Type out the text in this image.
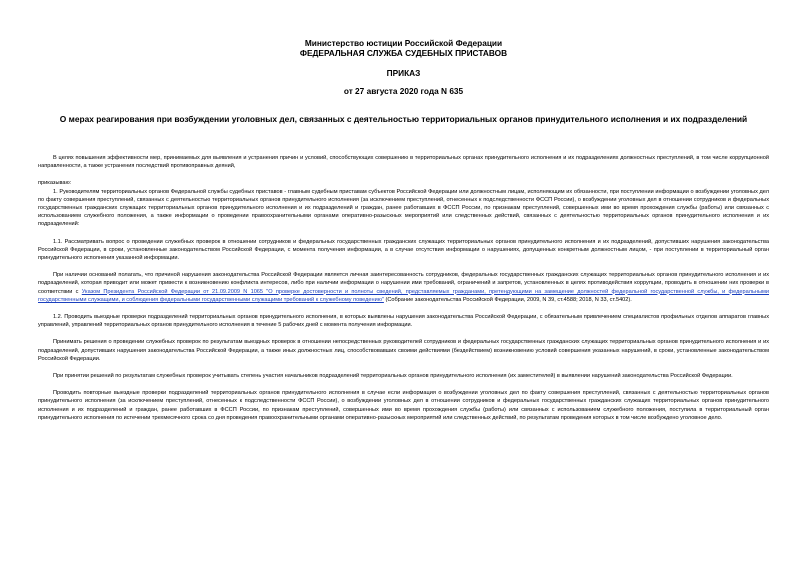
Министерство юстиции Российской Федерации
ФЕДЕРАЛЬНАЯ СЛУЖБА СУДЕБНЫХ ПРИСТАВОВ
ПРИКАЗ
от 27 августа 2020 года N 635
О мерах реагирования при возбуждении уголовных дел, связанных с деятельностью территориальных органов принудительного исполнения и их подразделений

В целях повышения эффективности мер, принимаемых для выявления и устранения причин и условий, способствующих совершению в территориальных органах принудительного исполнения и их подразделениях должностных преступлений, в том числе коррупционной направленности, а также устранения последствий противоправных деяний,

приказываю:

1. Руководителям территориальных органов Федеральной службы судебных приставов - главным судебным приставам субъектов Российской Федерации или должностным лицам, исполняющим их обязанности, при поступлении информации о возбуждении уголовных дел по факту совершения преступлений, связанных с деятельностью территориальных органов принудительного исполнения (за исключением преступлений, отнесенных к подследственности ФССП России), о возбуждении уголовных дел в отношении сотрудников и федеральных государственных гражданских служащих территориальных органов принудительного исполнения и их подразделений и граждан, ранее работавших в ФССП России, по признакам преступлений, совершенных ими во время прохождения службы (работы) или связанных с использованием служебного положения, а также информации о проведении правоохранительными органами оперативно-разыскных мероприятий или следственных действий, связанных с деятельностью территориальных органов принудительного исполнения и их подразделений:

1.1. Рассматривать вопрос о проведении служебных проверок в отношении сотрудников и федеральных государственных гражданских служащих территориальных органов принудительного исполнения и их подразделений, допустивших нарушения законодательства Российской Федерации, в сроки, установленные законодательством Российской Федерации, с момента получения информации, а в случае отсутствия информации о нарушениях, допущенных конкретным должностным лицом, - при поступлении в территориальный орган принудительного исполнения указанной информации.

При наличии оснований полагать, что причиной нарушения законодательства Российской Федерации является личная заинтересованность сотрудников, федеральных государственных гражданских служащих территориальных органов принудительного исполнения и их подразделений, которая приводит или может привести к возникновению конфликта интересов, либо при наличии информации о нарушении ими требований, ограничений и запретов, установленных в целях противодействия коррупции, проводить в отношении них проверки в соответствии с Указом Президента Российской Федерации от 21.09.2009 N 1065 "О проверке достоверности и полноты сведений, представляемых гражданами, претендующими на замещение должностей федеральной государственной службы, и федеральными государственными служащими, и соблюдения федеральными государственными служащими требований к служебному поведению" (Собрание законодательства Российской Федерации, 2009, N 39, ст.4588; 2018, N 33, ст.5402).

1.2. Проводить выездные проверки подразделений территориальных органов принудительного исполнения, в которых выявлены нарушения законодательства Российской Федерации, с обязательным привлечением специалистов профильных отделов аппаратов главных управлений, управлений территориальных органов принудительного исполнения в течение 5 рабочих дней с момента получения информации.

Принимать решения о проведении служебных проверок по результатам выездных проверок в отношении непосредственных руководителей сотрудников и федеральных государственных гражданских служащих территориальных органов принудительного исполнения и их подразделений, допустивших нарушения законодательства Российской Федерации, а также иных должностных лиц, способствовавших своими действиями (бездействием) возникновению условий совершения указанных нарушений, в сроки, установленные законодательством Российской Федерации.

При принятии решений по результатам служебных проверок учитывать степень участия начальников подразделений территориальных органов принудительного исполнения (их заместителей) в выявлении нарушений законодательства Российской Федерации.

Проводить повторные выездные проверки подразделений территориальных органов принудительного исполнения в случае если информация о возбуждении уголовных дел по факту совершения преступлений, связанных с деятельностью территориальных органов принудительного исполнения (за исключением преступлений, отнесенных к подследственности ФССП России), о возбуждении уголовных дел в отношении сотрудников и федеральных государственных гражданских служащих территориальных органов принудительного исполнения и их подразделений и граждан, ранее работавших в ФССП России, по признакам преступлений, совершенных ими во время прохождения службы (работы) или связанных с использованием служебного положения, поступила в территориальный орган принудительного исполнения по истечении трехмесячного срока со дня проведения правоохранительными органами оперативно-разыскных мероприятий или следственных действий, по результатам проведения которых в том числе возбуждено уголовное дело.
